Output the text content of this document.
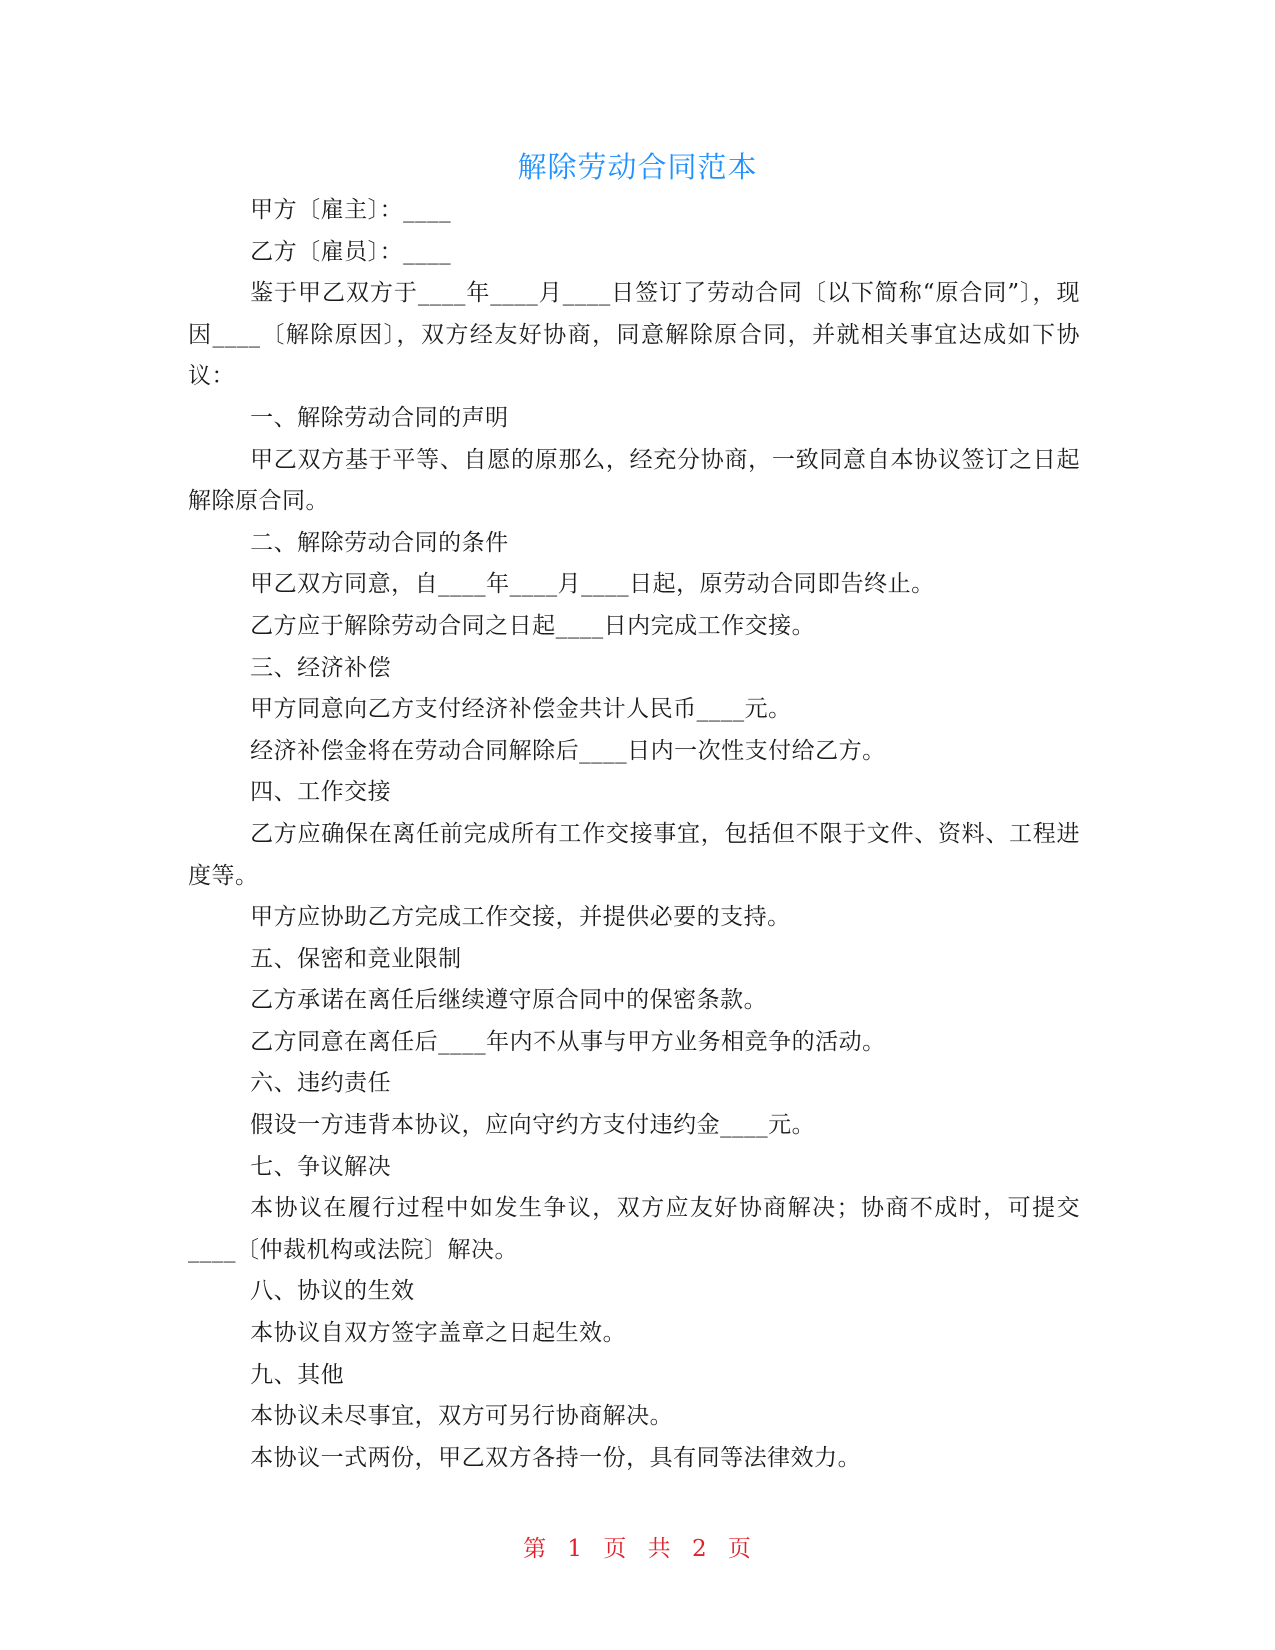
解除劳动合同范本

甲方〔雇主〕：____

乙方〔雇员〕：____

鉴于甲乙双方于____年____月____日签订了劳动合同〔以下简称“原合同”〕，现因____〔解除原因〕，双方经友好协商，同意解除原合同，并就相关事宜达成如下协议：

一、解除劳动合同的声明

甲乙双方基于平等、自愿的原那么，经充分协商，一致同意自本协议签订之日起解除原合同。

二、解除劳动合同的条件

甲乙双方同意，自____年____月____日起，原劳动合同即告终止。

乙方应于解除劳动合同之日起____日内完成工作交接。

三、经济补偿

甲方同意向乙方支付经济补偿金共计人民币____元。

经济补偿金将在劳动合同解除后____日内一次性支付给乙方。

四、工作交接

乙方应确保在离任前完成所有工作交接事宜，包括但不限于文件、资料、工程进度等。

甲方应协助乙方完成工作交接，并提供必要的支持。

五、保密和竞业限制

乙方承诺在离任后继续遵守原合同中的保密条款。

乙方同意在离任后____年内不从事与甲方业务相竞争的活动。

六、违约责任

假设一方违背本协议，应向守约方支付违约金____元。

七、争议解决

本协议在履行过程中如发生争议，双方应友好协商解决；协商不成时，可提交____〔仲裁机构或法院〕解决。

八、协议的生效

本协议自双方签字盖章之日起生效。

九、其他

本协议未尽事宜，双方可另行协商解决。

本协议一式两份，甲乙双方各持一份，具有同等法律效力。

第 1 页 共 2 页
